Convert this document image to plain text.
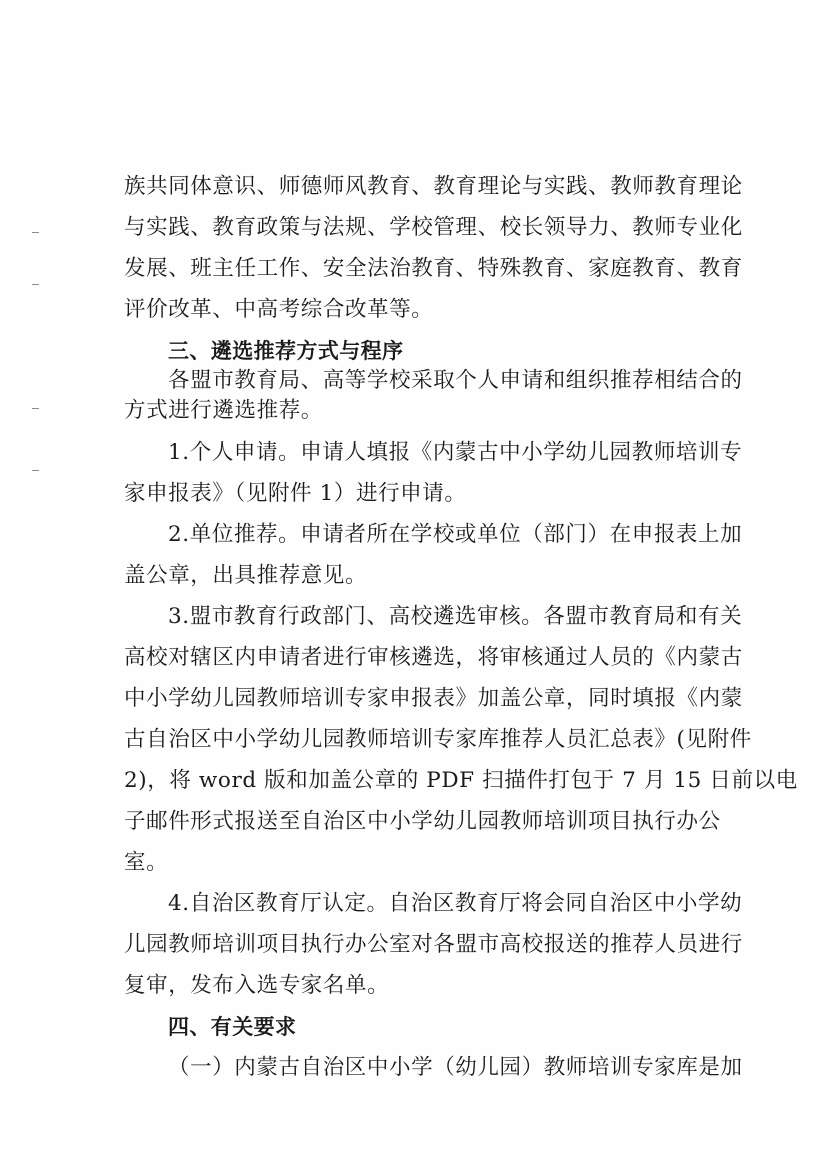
族共同体意识、师德师风教育、教育理论与实践、教师教育理论
与实践、教育政策与法规、学校管理、校长领导力、教师专业化
发展、班主任工作、安全法治教育、特殊教育、家庭教育、教育
评价改革、中高考综合改革等。
三、遴选推荐方式与程序
各盟市教育局、高等学校采取个人申请和组织推荐相结合的
方式进行遴选推荐。
1.个人申请。申请人填报《内蒙古中小学幼儿园教师培训专
家申报表》（见附件 1）进行申请。
2.单位推荐。申请者所在学校或单位（部门）在申报表上加
盖公章，出具推荐意见。
3.盟市教育行政部门、高校遴选审核。各盟市教育局和有关
高校对辖区内申请者进行审核遴选，将审核通过人员的《内蒙古
中小学幼儿园教师培训专家申报表》加盖公章，同时填报《内蒙
古自治区中小学幼儿园教师培训专家库推荐人员汇总表》(见附件
2)，将 word 版和加盖公章的 PDF 扫描件打包于 7 月 15 日前以电
子邮件形式报送至自治区中小学幼儿园教师培训项目执行办公
室。
4.自治区教育厅认定。自治区教育厅将会同自治区中小学幼
儿园教师培训项目执行办公室对各盟市高校报送的推荐人员进行
复审，发布入选专家名单。
四、有关要求
（一）内蒙古自治区中小学（幼儿园）教师培训专家库是加
